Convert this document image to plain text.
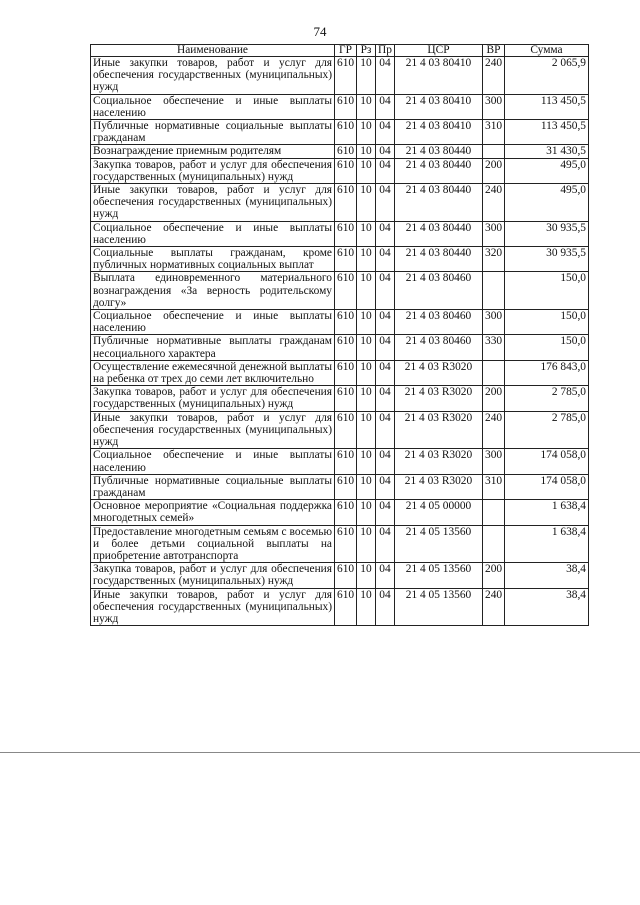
74
Наименование	ГР	Рз	Пр	ЦСР	ВР	Сумма
Иные закупки товаров, работ и услуг для обеспечения государственных (муниципальных) нужд	610	10	04	21 4 03 80410	240	2 065,9
Социальное обеспечение и иные выплаты населению	610	10	04	21 4 03 80410	300	113 450,5
Публичные нормативные социальные выплаты гражданам	610	10	04	21 4 03 80410	310	113 450,5
Вознаграждение приемным родителям	610	10	04	21 4 03 80440		31 430,5
Закупка товаров, работ и услуг для обеспечения государственных (муниципальных) нужд	610	10	04	21 4 03 80440	200	495,0
Иные закупки товаров, работ и услуг для обеспечения государственных (муниципальных) нужд	610	10	04	21 4 03 80440	240	495,0
Социальное обеспечение и иные выплаты населению	610	10	04	21 4 03 80440	300	30 935,5
Социальные выплаты гражданам, кроме публичных нормативных социальных выплат	610	10	04	21 4 03 80440	320	30 935,5
Выплата единовременного материального вознаграждения «За верность родительскому долгу»	610	10	04	21 4 03 80460		150,0
Социальное обеспечение и иные выплаты населению	610	10	04	21 4 03 80460	300	150,0
Публичные нормативные выплаты гражданам несоциального характера	610	10	04	21 4 03 80460	330	150,0
Осуществление ежемесячной денежной выплаты на ребенка от трех до семи лет включительно	610	10	04	21 4 03 R3020		176 843,0
Закупка товаров, работ и услуг для обеспечения государственных (муниципальных) нужд	610	10	04	21 4 03 R3020	200	2 785,0
Иные закупки товаров, работ и услуг для обеспечения государственных (муниципальных) нужд	610	10	04	21 4 03 R3020	240	2 785,0
Социальное обеспечение и иные выплаты населению	610	10	04	21 4 03 R3020	300	174 058,0
Публичные нормативные социальные выплаты гражданам	610	10	04	21 4 03 R3020	310	174 058,0
Основное мероприятие «Социальная поддержка многодетных семей»	610	10	04	21 4 05 00000		1 638,4
Предоставление многодетным семьям с восемью и более детьми социальной выплаты на приобретение автотранспорта	610	10	04	21 4 05 13560		1 638,4
Закупка товаров, работ и услуг для обеспечения государственных (муниципальных) нужд	610	10	04	21 4 05 13560	200	38,4
Иные закупки товаров, работ и услуг для обеспечения государственных (муниципальных) нужд	610	10	04	21 4 05 13560	240	38,4
